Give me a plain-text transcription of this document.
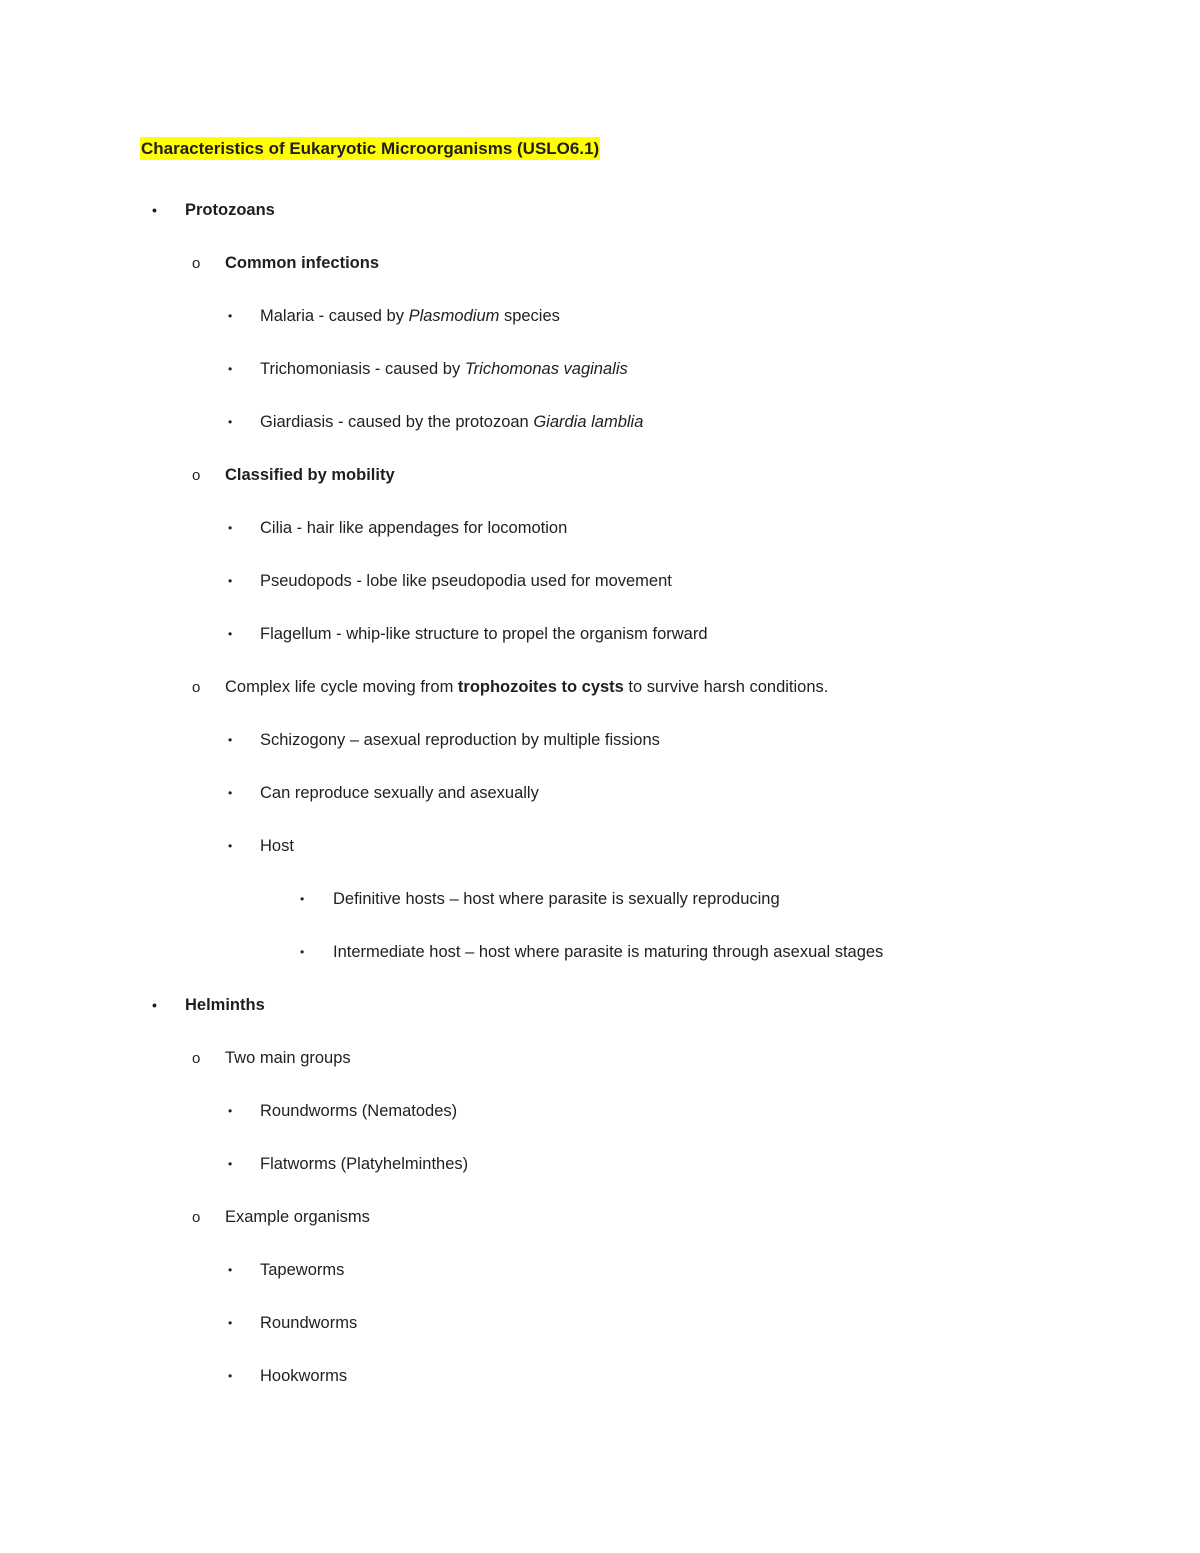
Characteristics of Eukaryotic Microorganisms (USLO6.1)
•	Protozoans
o	Common infections
•	Malaria - caused by Plasmodium species
•	Trichomoniasis - caused by Trichomonas vaginalis
•	Giardiasis - caused by the protozoan Giardia lamblia
o	Classified by mobility
•	Cilia - hair like appendages for locomotion
•	Pseudopods - lobe like pseudopodia used for movement
•	Flagellum - whip-like structure to propel the organism forward
o	Complex life cycle moving from trophozoites to cysts to survive harsh conditions.
•	Schizogony – asexual reproduction by multiple fissions
•	Can reproduce sexually and asexually
•	Host
•	Definitive hosts – host where parasite is sexually reproducing
•	Intermediate host – host where parasite is maturing through asexual stages
•	Helminths
o	Two main groups
•	Roundworms (Nematodes)
•	Flatworms (Platyhelminthes)
o	Example organisms
•	Tapeworms
•	Roundworms
•	Hookworms
